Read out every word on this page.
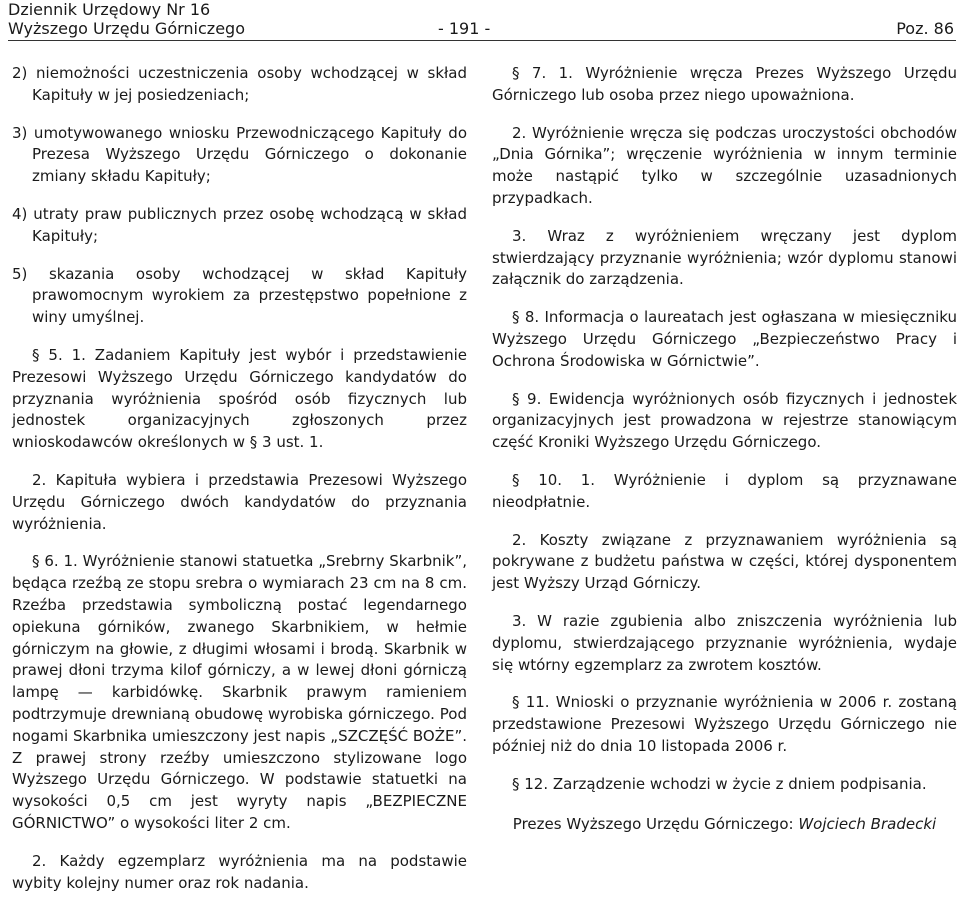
Dziennik Urzędowy Nr 16
Wyższego Urzędu Górniczego	- 191 -	Poz. 86

2) niemożności uczestniczenia osoby wchodzącej w skład Kapituły w jej posiedzeniach;

3) umotywowanego wniosku Przewodniczącego Kapituły do Prezesa Wyższego Urzędu Górniczego o dokonanie zmiany składu Kapituły;

4) utraty praw publicznych przez osobę wchodzącą w skład Kapituły;

5) skazania osoby wchodzącej w skład Kapituły prawomocnym wyrokiem za przestępstwo popełnione z winy umyślnej.

§ 5. 1. Zadaniem Kapituły jest wybór i przedstawienie Prezesowi Wyższego Urzędu Górniczego kandydatów do przyznania wyróżnienia spośród osób fizycznych lub jednostek organizacyjnych zgłoszonych przez wnioskodawców określonych w § 3 ust. 1.

2. Kapituła wybiera i przedstawia Prezesowi Wyższego Urzędu Górniczego dwóch kandydatów do przyznania wyróżnienia.

§ 6. 1. Wyróżnienie stanowi statuetka „Srebrny Skarbnik”, będąca rzeźbą ze stopu srebra o wymiarach 23 cm na 8 cm. Rzeźba przedstawia symboliczną postać legendarnego opiekuna górników, zwanego Skarbnikiem, w hełmie górniczym na głowie, z długimi włosami i brodą. Skarbnik w prawej dłoni trzyma kilof górniczy, a w lewej dłoni górniczą lampę — karbidówkę. Skarbnik prawym ramieniem podtrzymuje drewnianą obudowę wyrobiska górniczego. Pod nogami Skarbnika umieszczony jest napis „SZCZĘŚĆ BOŻE”. Z prawej strony rzeźby umieszczono stylizowane logo Wyższego Urzędu Górniczego. W podstawie statuetki na wysokości 0,5 cm jest wyryty napis „BEZPIECZNE GÓRNICTWO” o wysokości liter 2 cm.

2. Każdy egzemplarz wyróżnienia ma na podstawie wybity kolejny numer oraz rok nadania.

§ 7. 1. Wyróżnienie wręcza Prezes Wyższego Urzędu Górniczego lub osoba przez niego upoważniona.

2. Wyróżnienie wręcza się podczas uroczystości obchodów „Dnia Górnika”; wręczenie wyróżnienia w innym terminie może nastąpić tylko w szczególnie uzasadnionych przypadkach.

3. Wraz z wyróżnieniem wręczany jest dyplom stwierdzający przyznanie wyróżnienia; wzór dyplomu stanowi załącznik do zarządzenia.

§ 8. Informacja o laureatach jest ogłaszana w miesięczniku Wyższego Urzędu Górniczego „Bezpieczeństwo Pracy i Ochrona Środowiska w Górnictwie”.

§ 9. Ewidencja wyróżnionych osób fizycznych i jednostek organizacyjnych jest prowadzona w rejestrze stanowiącym część Kroniki Wyższego Urzędu Górniczego.

§ 10. 1. Wyróżnienie i dyplom są przyznawane nieodpłatnie.

2. Koszty związane z przyznawaniem wyróżnienia są pokrywane z budżetu państwa w części, której dysponentem jest Wyższy Urząd Górniczy.

3. W razie zgubienia albo zniszczenia wyróżnienia lub dyplomu, stwierdzającego przyznanie wyróżnienia, wydaje się wtórny egzemplarz za zwrotem kosztów.

§ 11. Wnioski o przyznanie wyróżnienia w 2006 r. zostaną przedstawione Prezesowi Wyższego Urzędu Górniczego nie później niż do dnia 10 listopada 2006 r.

§ 12. Zarządzenie wchodzi w życie z dniem podpisania.

Prezes Wyższego Urzędu Górniczego: Wojciech Bradecki
